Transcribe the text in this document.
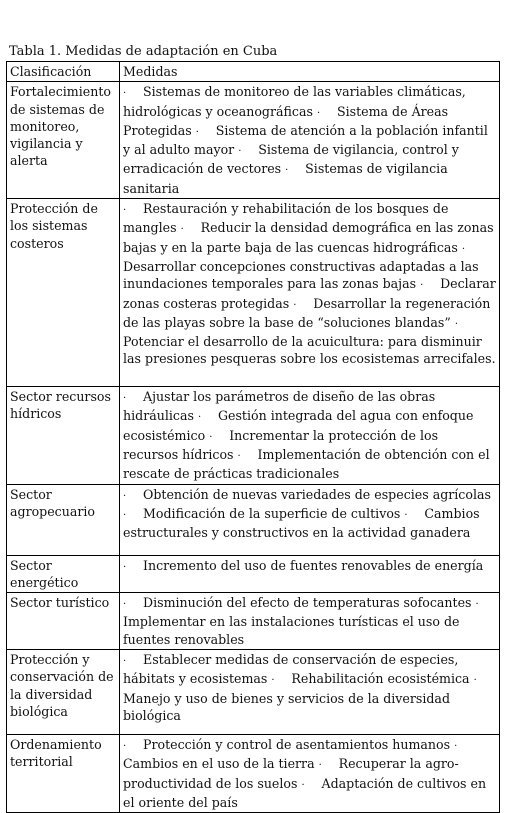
Tabla 1. Medidas de adaptación en Cuba
Clasificación	Medidas
Fortalecimiento de sistemas de monitoreo, vigilancia y alerta	· Sistemas de monitoreo de las variables climáticas, hidrológicas y oceanográficas · Sistema de Áreas Protegidas · Sistema de atención a la población infantil y al adulto mayor · Sistema de vigilancia, control y erradicación de vectores · Sistemas de vigilancia sanitaria
Protección de los sistemas costeros	· Restauración y rehabilitación de los bosques de mangles · Reducir la densidad demográfica en las zonas bajas y en la parte baja de las cuencas hidrográficas · Desarrollar concepciones constructivas adaptadas a las inundaciones temporales para las zonas bajas · Declarar zonas costeras protegidas · Desarrollar la regeneración de las playas sobre la base de “soluciones blandas” · Potenciar el desarrollo de la acuicultura: para disminuir las presiones pesqueras sobre los ecosistemas arrecifales.
Sector recursos hídricos	· Ajustar los parámetros de diseño de las obras hidráulicas · Gestión integrada del agua con enfoque ecosistémico · Incrementar la protección de los recursos hídricos · Implementación de obtención con el rescate de prácticas tradicionales
Sector agropecuario	· Obtención de nuevas variedades de especies agrícolas · Modificación de la superficie de cultivos · Cambios estructurales y constructivos en la actividad ganadera
Sector energético	· Incremento del uso de fuentes renovables de energía
Sector turístico	· Disminución del efecto de temperaturas sofocantes · Implementar en las instalaciones turísticas el uso de fuentes renovables
Protección y conservación de la diversidad biológica	· Establecer medidas de conservación de especies, hábitats y ecosistemas · Rehabilitación ecosistémica · Manejo y uso de bienes y servicios de la diversidad biológica
Ordenamiento territorial	· Protección y control de asentamientos humanos · Cambios en el uso de la tierra · Recuperar la agro-productividad de los suelos · Adaptación de cultivos en el oriente del país
